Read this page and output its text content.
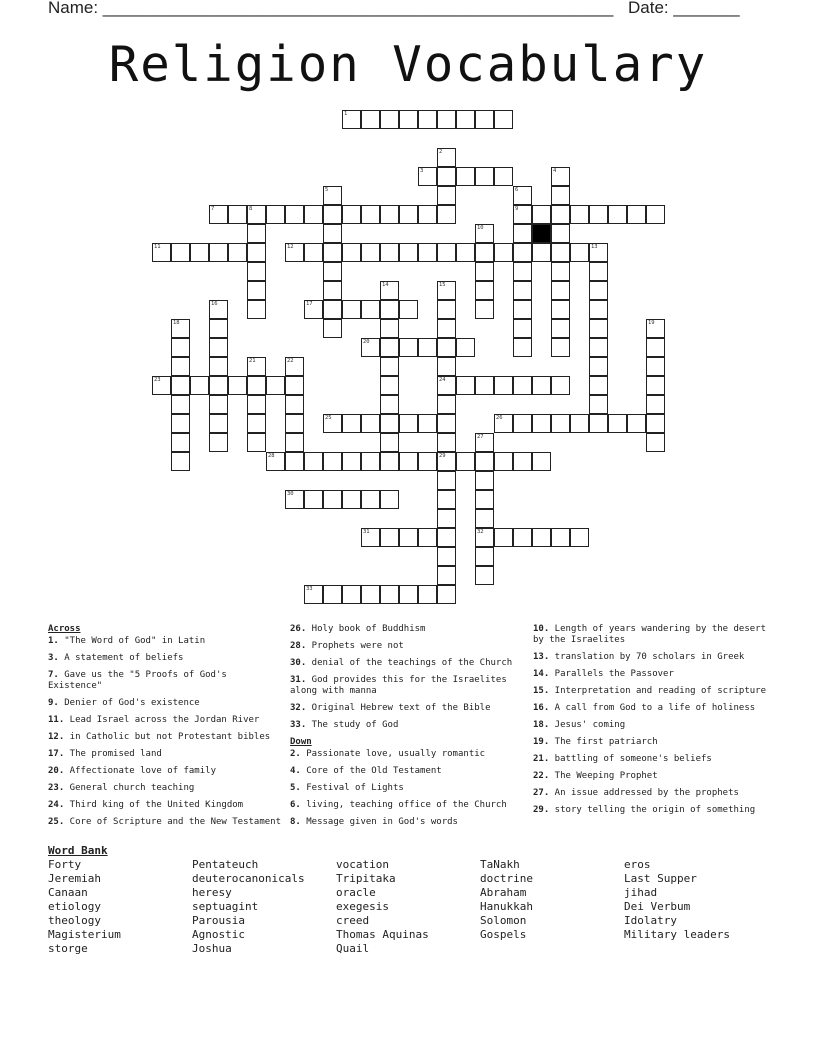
Name: ______________________________________________________ Date: _______
Religion Vocabulary
1
2
3	4
5	6
9
7	8
10
11	12	13
14	15
24
16	17
18	19
20
21	22
23
25	26
27
32
28	29
30
31
33
Across
1. "The Word of God" in Latin
3. A statement of beliefs
7. Gave us the "5 Proofs of God's Existence"
9. Denier of God's existence
11. Lead Israel across the Jordan River
12. in Catholic but not Protestant bibles
17. The promised land
20. Affectionate love of family
23. General church teaching
24. Third king of the United Kingdom
25. Core of Scripture and the New Testament
26. Holy book of Buddhism
28. Prophets were not
30. denial of the teachings of the Church
31. God provides this for the Israelites along with manna
32. Original Hebrew text of the Bible
33. The study of God
Down
2. Passionate love, usually romantic
4. Core of the Old Testament
5. Festival of Lights
6. living, teaching office of the Church
8. Message given in God's words
10. Length of years wandering by the desert by the Israelites
13. translation by 70 scholars in Greek
14. Parallels the Passover
15. Interpretation and reading of scripture
16. A call from God to a life of holiness
18. Jesus' coming
19. The first patriarch
21. battling of someone's beliefs
22. The Weeping Prophet
27. An issue addressed by the prophets
29. story telling the origin of something
Word Bank
Forty	Pentateuch	vocation	TaNakh	eros
Jeremiah	deuterocanonicals	Tripitaka	doctrine	Last Supper
Canaan	heresy	oracle	Abraham	jihad
etiology	septuagint	exegesis	Hanukkah	Dei Verbum
theology	Parousia	creed	Solomon	Idolatry
Magisterium	Agnostic	Thomas Aquinas	Gospels	Military leaders
storge	Joshua	Quail
